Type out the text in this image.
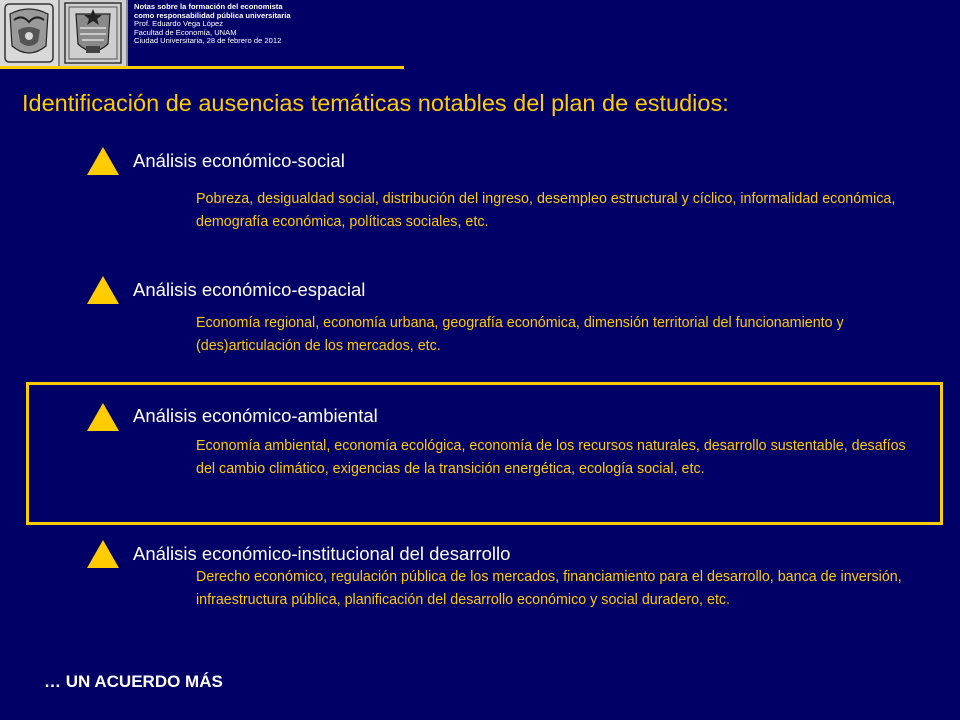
Notas sobre la formación del economista
como responsabilidad pública universitaria
Prof. Eduardo Vega López
Facultad de Economía, UNAM
Ciudad Universitaria, 28 de febrero de 2012
Identificación de ausencias temáticas notables del plan de estudios:
Análisis económico-social
Pobreza, desigualdad social, distribución del ingreso, desempleo estructural y cíclico, informalidad económica, demografía económica, políticas sociales, etc.
Análisis económico-espacial
Economía regional, economía urbana, geografía económica, dimensión territorial del funcionamiento y (des)articulación de los mercados, etc.
Análisis económico-ambiental
Economía ambiental, economía ecológica, economía de los recursos naturales, desarrollo sustentable, desafíos del cambio climático, exigencias de la transición energética, ecología social, etc.
Análisis económico-institucional del desarrollo
Derecho económico, regulación pública de los mercados, financiamiento para el desarrollo, banca de inversión, infraestructura pública, planificación del desarrollo económico y social duradero, etc.
… UN ACUERDO MÁS
